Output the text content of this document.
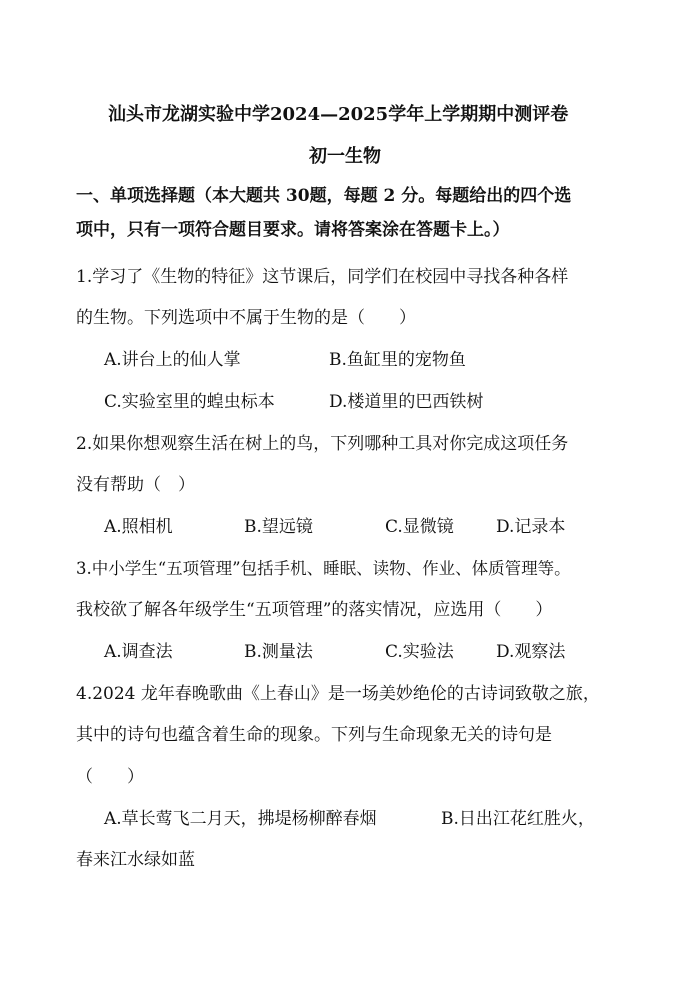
汕头市龙湖实验中学2024—2025学年上学期期中测评卷
初一生物
一、单项选择题（本大题共 30题，每题 2 分。每题给出的四个选
项中，只有一项符合题目要求。请将答案涂在答题卡上。）
1.学习了《生物的特征》这节课后，同学们在校园中寻找各种各样
的生物。下列选项中不属于生物的是（　　）
A.讲台上的仙人掌	B.鱼缸里的宠物鱼
C.实验室里的蝗虫标本	D.楼道里的巴西铁树
2.如果你想观察生活在树上的鸟，下列哪种工具对你完成这项任务
没有帮助（　）
A.照相机	B.望远镜	C.显微镜 D.记录本
3.中小学生“五项管理”包括手机、睡眠、读物、作业、体质管理等。
我校欲了解各年级学生“五项管理”的落实情况，应选用（　　）
A.调查法	B.测量法	C.实验法 D.观察法
4.2024 龙年春晚歌曲《上春山》是一场美妙绝伦的古诗词致敬之旅，
其中的诗句也蕴含着生命的现象。下列与生命现象无关的诗句是
（　　）
A.草长莺飞二月天，拂堤杨柳醉春烟	B.日出江花红胜火，
春来江水绿如蓝
